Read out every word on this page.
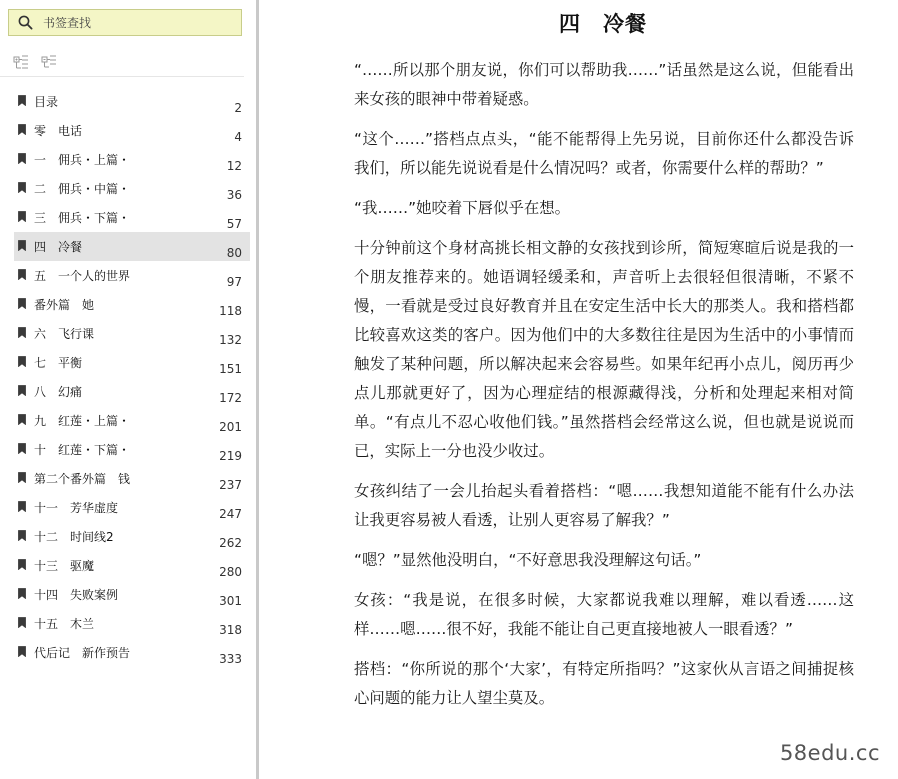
书签查找
目录	2
零　电话	4
一　佣兵・上篇・	12
二　佣兵・中篇・	36
三　佣兵・下篇・	57
四　冷餐	80
五　一个人的世界	97
番外篇　她	118
六　飞行课	132
七　平衡	151
八　幻痛	172
九　红莲・上篇・	201
十　红莲・下篇・	219
第二个番外篇　钱	237
十一　芳华虚度	247
十二　时间线2	262
十三　驱魔	280
十四　失败案例	301
十五　木兰	318
代后记　新作预告	333
四　冷餐

“……所以那个朋友说，你们可以帮助我……”话虽然是这么说，但能看出来女孩的眼神中带着疑惑。

“这个……”搭档点点头，“能不能帮得上先另说，目前你还什么都没告诉我们，所以能先说说看是什么情况吗？或者，你需要什么样的帮助？”

“我……”她咬着下唇似乎在想。

十分钟前这个身材高挑长相文静的女孩找到诊所，简短寒暄后说是我的一个朋友推荐来的。她语调轻缓柔和，声音听上去很轻但很清晰，不紧不慢，一看就是受过良好教育并且在安定生活中长大的那类人。我和搭档都比较喜欢这类的客户。因为他们中的大多数往往是因为生活中的小事情而触发了某种问题，所以解决起来会容易些。如果年纪再小点儿，阅历再少点儿那就更好了，因为心理症结的根源藏得浅，分析和处理起来相对简单。“有点儿不忍心收他们钱。”虽然搭档会经常这么说，但也就是说说而已，实际上一分也没少收过。

女孩纠结了一会儿抬起头看着搭档：“嗯……我想知道能不能有什么办法让我更容易被人看透，让别人更容易了解我？”

“嗯？”显然他没明白，“不好意思我没理解这句话。”

女孩：“我是说，在很多时候，大家都说我难以理解，难以看透……这样……嗯……很不好，我能不能让自己更直接地被人一眼看透？”

搭档：“你所说的那个‘大家’，有特定所指吗？”这家伙从言语之间捕捉核心问题的能力让人望尘莫及。

58edu.cc
